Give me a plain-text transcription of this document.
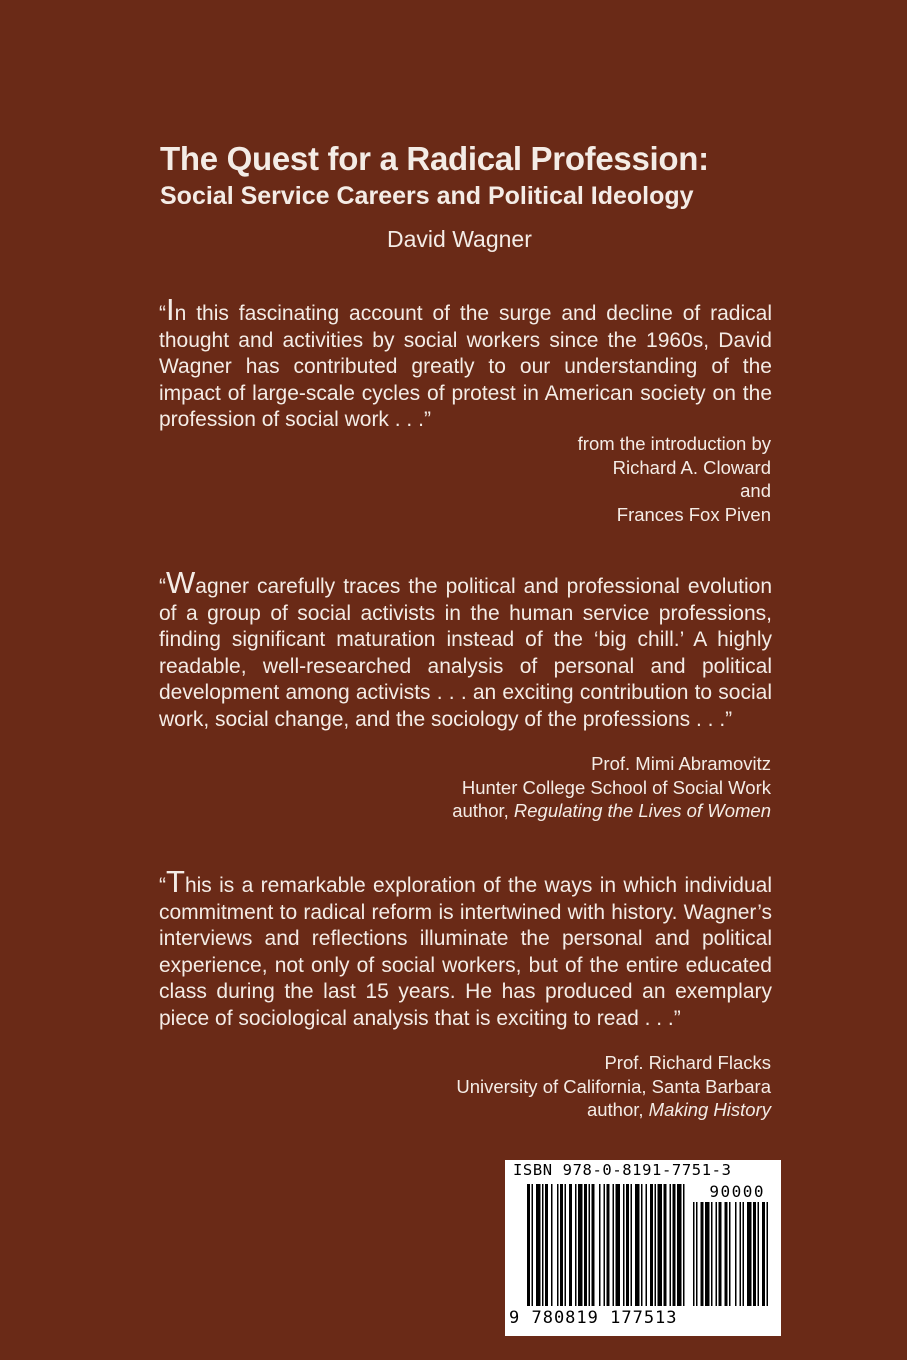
The Quest for a Radical Profession:
Social Service Careers and Political Ideology
David Wagner
“In this fascinating account of the surge and decline of radical thought and activities by social workers since the 1960s, David Wagner has contributed greatly to our understanding of the impact of large-scale cycles of protest in American society on the profession of social work . . .”
from the introduction by
Richard A. Cloward
and
Frances Fox Piven
“Wagner carefully traces the political and professional evolution of a group of social activists in the human service professions, finding significant maturation instead of the ‘big chill.’ A highly readable, well-researched analysis of personal and political development among activists . . . an exciting contribution to social work, social change, and the sociology of the professions . . .”
Prof. Mimi Abramovitz
Hunter College School of Social Work
author, Regulating the Lives of Women
“This is a remarkable exploration of the ways in which individual commitment to radical reform is intertwined with history. Wagner’s interviews and reflections illuminate the personal and political experience, not only of social workers, but of the entire educated class during the last 15 years. He has produced an exemplary piece of sociological analysis that is exciting to read . . .”
Prof. Richard Flacks
University of California, Santa Barbara
author, Making History
ISBN 978-0-8191-7751-3
90000
9 780819 177513
